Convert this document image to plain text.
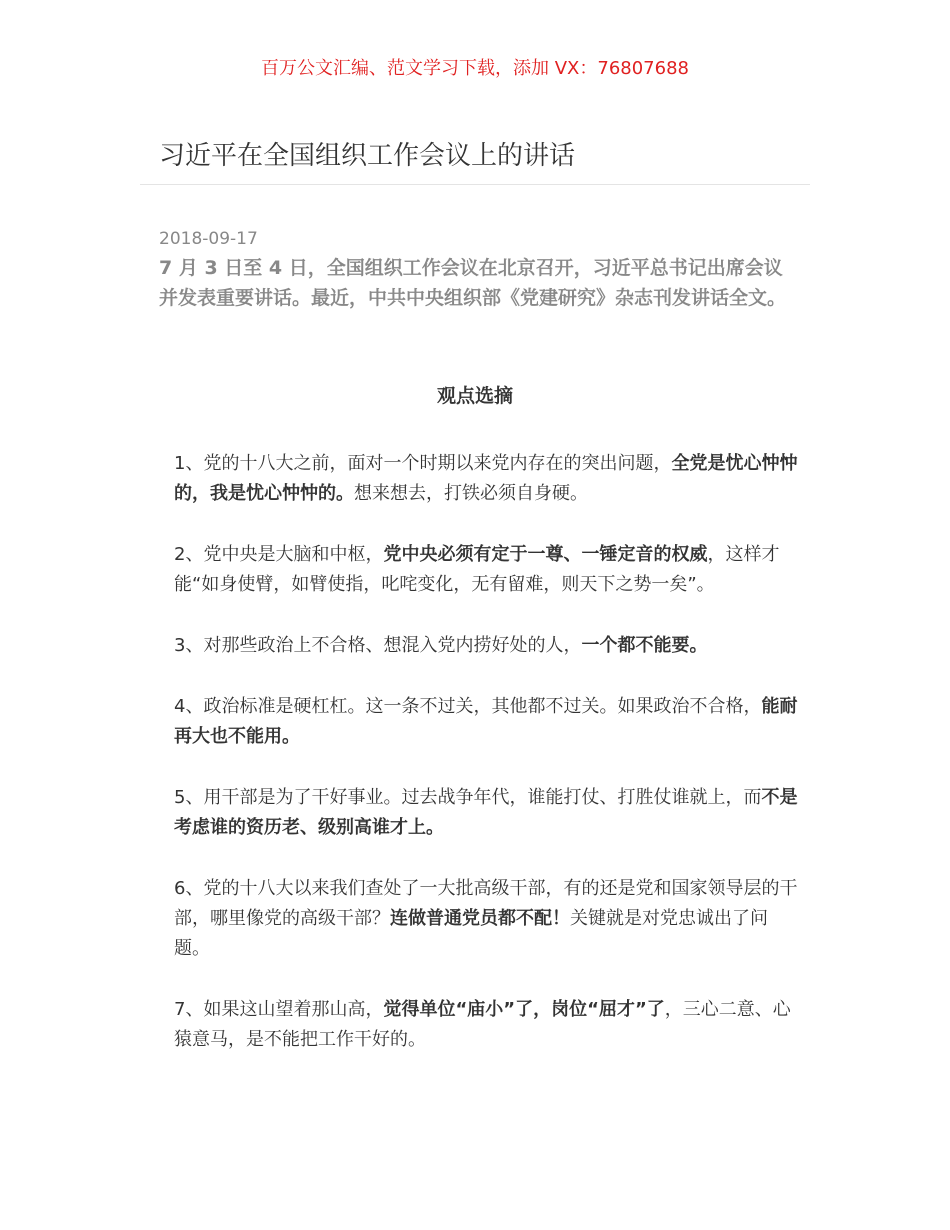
百万公文汇编、范文学习下载，添加 VX：76807688
习近平在全国组织工作会议上的讲话
2018-09-17
7 月 3 日至 4 日，全国组织工作会议在北京召开，习近平总书记出席会议并发表重要讲话。最近，中共中央组织部《党建研究》杂志刊发讲话全文。
观点选摘

1、党的十八大之前，面对一个时期以来党内存在的突出问题，全党是忧心忡忡的，我是忧心忡忡的。想来想去，打铁必须自身硬。

2、党中央是大脑和中枢，党中央必须有定于一尊、一锤定音的权威，这样才能“如身使臂，如臂使指，叱咤变化，无有留难，则天下之势一矣”。

3、对那些政治上不合格、想混入党内捞好处的人，一个都不能要。

4、政治标准是硬杠杠。这一条不过关，其他都不过关。如果政治不合格，能耐再大也不能用。

5、用干部是为了干好事业。过去战争年代，谁能打仗、打胜仗谁就上，而不是考虑谁的资历老、级别高谁才上。

6、党的十八大以来我们查处了一大批高级干部，有的还是党和国家领导层的干部，哪里像党的高级干部？连做普通党员都不配！关键就是对党忠诚出了问题。

7、如果这山望着那山高，觉得单位“庙小”了，岗位“屈才”了，三心二意、心猿意马，是不能把工作干好的。
